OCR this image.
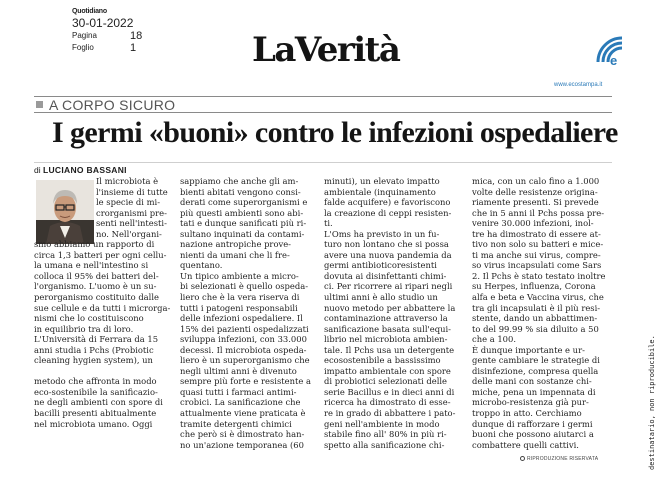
Quotidiano
30-01-2022
Pagina	18
Foglio	1	LaVerità	e
www.ecostampa.it
A CORPO SICURO
I germi «buoni» contro le infezioni ospedaliere
di LUCIANO BASSANI
Il microbiota è
l'insieme di tutte
le specie di mi-
crorganismi pre-
senti nell'intesti-
no. Nell'organi-
smo abbiamo un rapporto di
circa 1,3 batteri per ogni cellu-
la umana e nell'intestino si
colloca il 95% dei batteri del-
l'organismo. L'uomo è un su-
perorganismo costituito dalle
sue cellule e da tutti i microrga-
nismi che lo costituiscono
in equilibrio tra di loro.
L'Università di Ferrara da 15
anni studia i Pchs (Probiotic
cleaning hygien system), un

metodo che affronta in modo
eco-sostenibile la sanificazio-
ne degli ambienti con spore di
bacilli presenti abitualmente
nel microbiota umano. Oggi
sappiamo che anche gli am-
bienti abitati vengono consi-
derati come superorganismi e
più questi ambienti sono abi-
tati e dunque sanificati più ri-
sultano inquinati da contami-
nazione antropiche prove-
nienti da umani che li fre-
quentano.
Un tipico ambiente a micro-
bi selezionati è quello ospeda-
liero che è la vera riserva di
tutti i patogeni responsabili
delle infezioni ospedaliere. Il
15% dei pazienti ospedalizzati
sviluppa infezioni, con 33.000
decessi. Il microbiota ospeda-
liero è un superorganismo che
negli ultimi anni è divenuto
sempre più forte e resistente a
quasi tutti i farmaci antimi-
crobici. La sanificazione che
attualmente viene praticata è
tramite detergenti chimici
che però si è dimostrato han-
no un'azione temporanea (60
minuti), un elevato impatto
ambientale (inquinamento
falde acquifere) e favoriscono
la creazione di ceppi resisten-
ti.
L'Oms ha previsto in un fu-
turo non lontano che si possa
avere una nuova pandemia da
germi antibioticoresistenti
dovuta ai disinfettanti chimi-
ci. Per ricorrere ai ripari negli
ultimi anni è allo studio un
nuovo metodo per abbattere la
contaminazione attraverso la
sanificazione basata sull'equi-
librio nel microbiota ambien-
tale. Il Pchs usa un detergente
ecosostenibile a bassissimo
impatto ambientale con spore
di probiotici selezionati delle
serie Bacillus e in dieci anni di
ricerca ha dimostrato di esse-
re in grado di abbattere i pato-
geni nell'ambiente in modo
stabile fino all' 80% in più ri-
spetto alla sanificazione chi-
mica, con un calo fino a 1.000
volte delle resistenze origina-
riamente presenti. Si prevede
che in 5 anni il Pchs possa pre-
venire 30.000 infezioni, inol-
tre ha dimostrato di essere at-
tivo non solo su batteri e mice-
ti ma anche sui virus, compre-
so virus incapsulati come Sars
2. Il Pchs è stato testato inoltre
su Herpes, influenza, Corona
alfa e beta e Vaccina virus, che
tra gli incapsulati è il più resi-
stente, dando un abbattimen-
to del 99.99 % sia diluito a 50
che a 100.
È dunque importante e ur-
gente cambiare le strategie di
disinfezione, compresa quella
delle mani con sostanze chi-
miche, pena un impennata di
microbo-resistenza già pur-
troppo in atto. Cerchiamo
dunque di rafforzare i germi
buoni che possono aiutarci a
combattere quelli cattivi.
RIPRODUZIONE RISERVATA	destinatario, non riproducibile.
